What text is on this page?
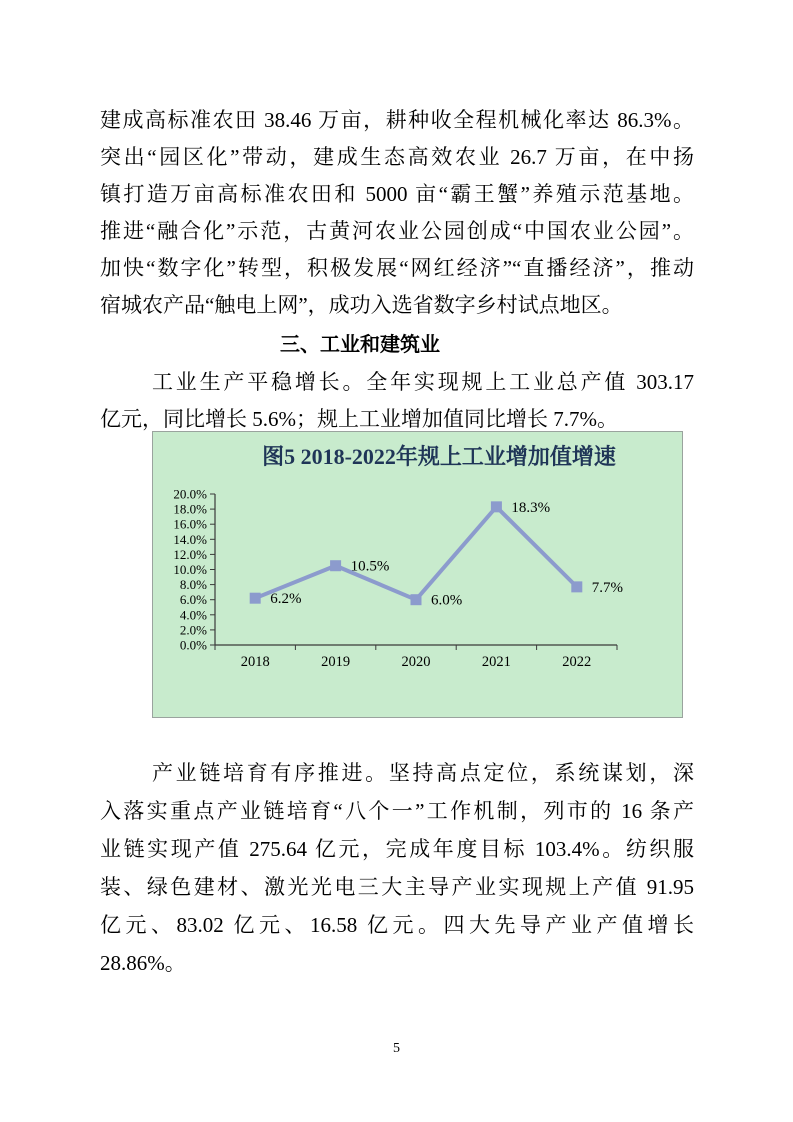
建成高标准农田 38.46 万亩，耕种收全程机械化率达 86.3%。
突出“园区化”带动，建成生态高效农业 26.7 万亩，在中扬
镇打造万亩高标准农田和 5000 亩“霸王蟹”养殖示范基地。
推进“融合化”示范，古黄河农业公园创成“中国农业公园”。
加快“数字化”转型，积极发展“网红经济”“直播经济”，推动
宿城农产品“触电上网”，成功入选省数字乡村试点地区。
三、工业和建筑业
工业生产平稳增长。全年实现规上工业总产值 303.17
亿元，同比增长 5.6%；规上工业增加值同比增长 7.7%。
图5 2018-2022年规上工业增加值增速
0.0%
2.0%
4.0%
6.0%
8.0%
10.0%
12.0%
14.0%
16.0%
18.0%
20.0%
2018	2019	2020	2021	2022
6.2%
10.5%
6.0%
18.3%
7.7%
产业链培育有序推进。坚持高点定位，系统谋划，深
入落实重点产业链培育“八个一”工作机制，列市的 16 条产
业链实现产值 275.64 亿元，完成年度目标 103.4%。纺织服
装、绿色建材、激光光电三大主导产业实现规上产值 91.95
亿元、83.02 亿元、16.58 亿元。四大先导产业产值增长
28.86%。
5
